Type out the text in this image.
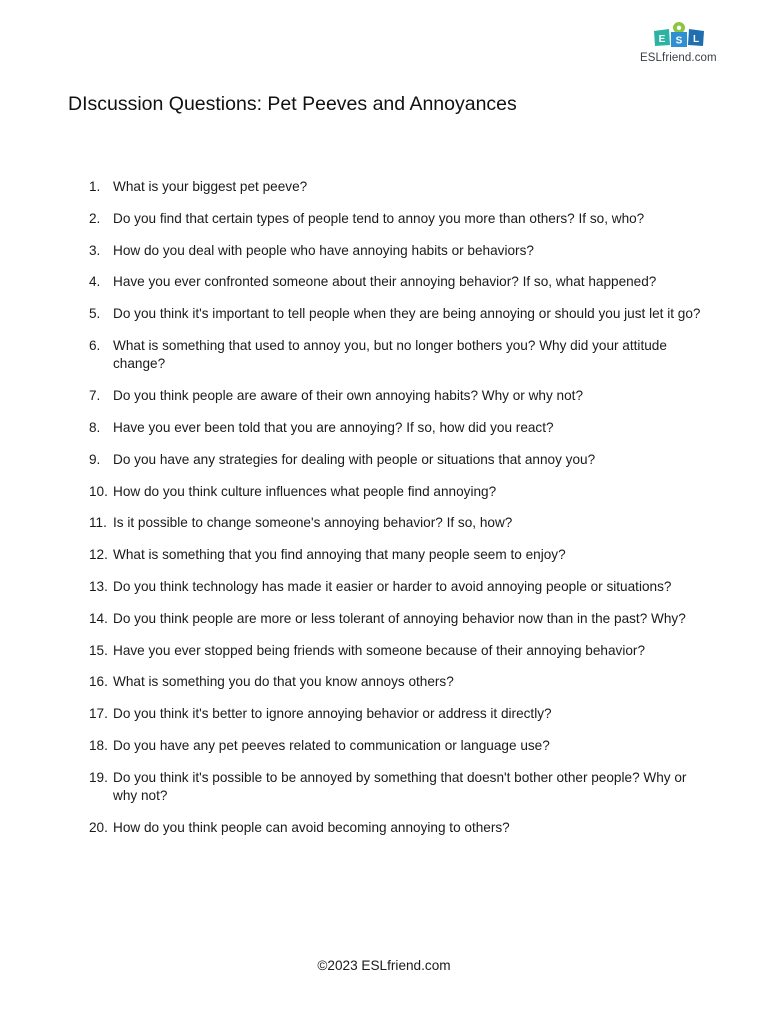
E S L
ESLfriend.com
DIscussion Questions: Pet Peeves and Annoyances
1. What is your biggest pet peeve?
2. Do you find that certain types of people tend to annoy you more than others? If so, who?
3. How do you deal with people who have annoying habits or behaviors?
4. Have you ever confronted someone about their annoying behavior? If so, what happened?
5. Do you think it's important to tell people when they are being annoying or should you just let it go?
6. What is something that used to annoy you, but no longer bothers you? Why did your attitude change?
7. Do you think people are aware of their own annoying habits? Why or why not?
8. Have you ever been told that you are annoying? If so, how did you react?
9. Do you have any strategies for dealing with people or situations that annoy you?
10. How do you think culture influences what people find annoying?
11. Is it possible to change someone's annoying behavior? If so, how?
12. What is something that you find annoying that many people seem to enjoy?
13. Do you think technology has made it easier or harder to avoid annoying people or situations?
14. Do you think people are more or less tolerant of annoying behavior now than in the past? Why?
15. Have you ever stopped being friends with someone because of their annoying behavior?
16. What is something you do that you know annoys others?
17. Do you think it's better to ignore annoying behavior or address it directly?
18. Do you have any pet peeves related to communication or language use?
19. Do you think it's possible to be annoyed by something that doesn't bother other people? Why or why not?
20. How do you think people can avoid becoming annoying to others?
©2023 ESLfriend.com
